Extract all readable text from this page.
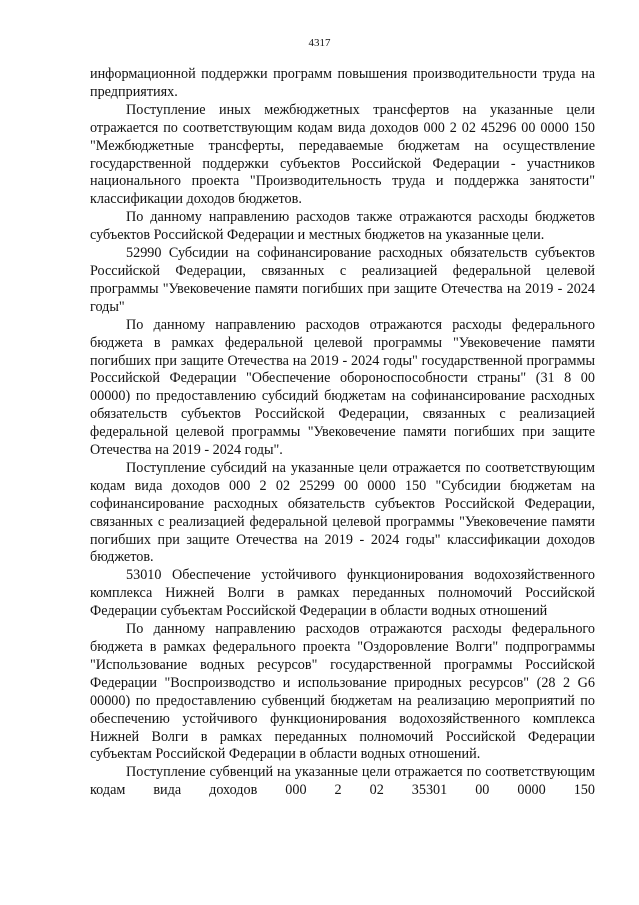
4317

информационной поддержки программ повышения производительности труда на предприятиях.

Поступление иных межбюджетных трансфертов на указанные цели отражается по соответствующим кодам вида доходов 000 2 02 45296 00 0000 150 "Межбюджетные трансферты, передаваемые бюджетам на осуществление государственной поддержки субъектов Российской Федерации - участников национального проекта "Производительность труда и поддержка занятости" классификации доходов бюджетов.

По данному направлению расходов также отражаются расходы бюджетов субъектов Российской Федерации и местных бюджетов на указанные цели.

52990 Субсидии на софинансирование расходных обязательств субъектов Российской Федерации, связанных с реализацией федеральной целевой программы "Увековечение памяти погибших при защите Отечества на 2019 - 2024 годы"

По данному направлению расходов отражаются расходы федерального бюджета в рамках федеральной целевой программы "Увековечение памяти погибших при защите Отечества на 2019 - 2024 годы" государственной программы Российской Федерации "Обеспечение обороноспособности страны" (31 8 00 00000) по предоставлению субсидий бюджетам на софинансирование расходных обязательств субъектов Российской Федерации, связанных с реализацией федеральной целевой программы "Увековечение памяти погибших при защите Отечества на 2019 - 2024 годы".

Поступление субсидий на указанные цели отражается по соответствующим кодам вида доходов 000 2 02 25299 00 0000 150 "Субсидии бюджетам на софинансирование расходных обязательств субъектов Российской Федерации, связанных с реализацией федеральной целевой программы "Увековечение памяти погибших при защите Отечества на 2019 - 2024 годы" классификации доходов бюджетов.

53010 Обеспечение устойчивого функционирования водохозяйственного комплекса Нижней Волги в рамках переданных полномочий Российской Федерации субъектам Российской Федерации в области водных отношений

По данному направлению расходов отражаются расходы федерального бюджета в рамках федерального проекта "Оздоровление Волги" подпрограммы "Использование водных ресурсов" государственной программы Российской Федерации "Воспроизводство и использование природных ресурсов" (28 2 G6 00000) по предоставлению субвенций бюджетам на реализацию мероприятий по обеспечению устойчивого функционирования водохозяйственного комплекса Нижней Волги в рамках переданных полномочий Российской Федерации субъектам Российской Федерации в области водных отношений.

Поступление субвенций на указанные цели отражается по соответствующим кодам вида доходов 000 2 02 35301 00 0000 150
